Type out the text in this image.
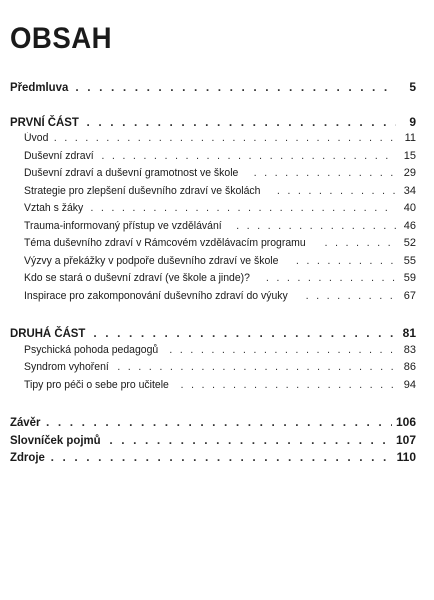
OBSAH
Předmluva . . .	5
PRVNÍ ČÁST . . .	9
Úvod . . .	11
Duševní zdraví . . .	15
Duševní zdraví a duševní gramotnost ve škole . . .	29
Strategie pro zlepšení duševního zdraví ve školách . . .	34
Vztah s žáky . . .	40
Trauma-informovaný přístup ve vzdělávání . . .	46
Téma duševního zdraví v Rámcovém vzdělávacím programu . . .	52
Výzvy a překážky v podpoře duševního zdraví ve škole . . .	55
Kdo se stará o duševní zdraví (ve škole a jinde)? . . .	59
Inspirace pro zakomponování duševního zdraví do výuky . . .	67
DRUHÁ ČÁST . . .	81
Psychická pohoda pedagogů . . .	83
Syndrom vyhoření . . .	86
Tipy pro péči o sebe pro učitele . . .	94
Závěr . . .	106
Slovníček pojmů . . .	107
Zdroje . . .	110
